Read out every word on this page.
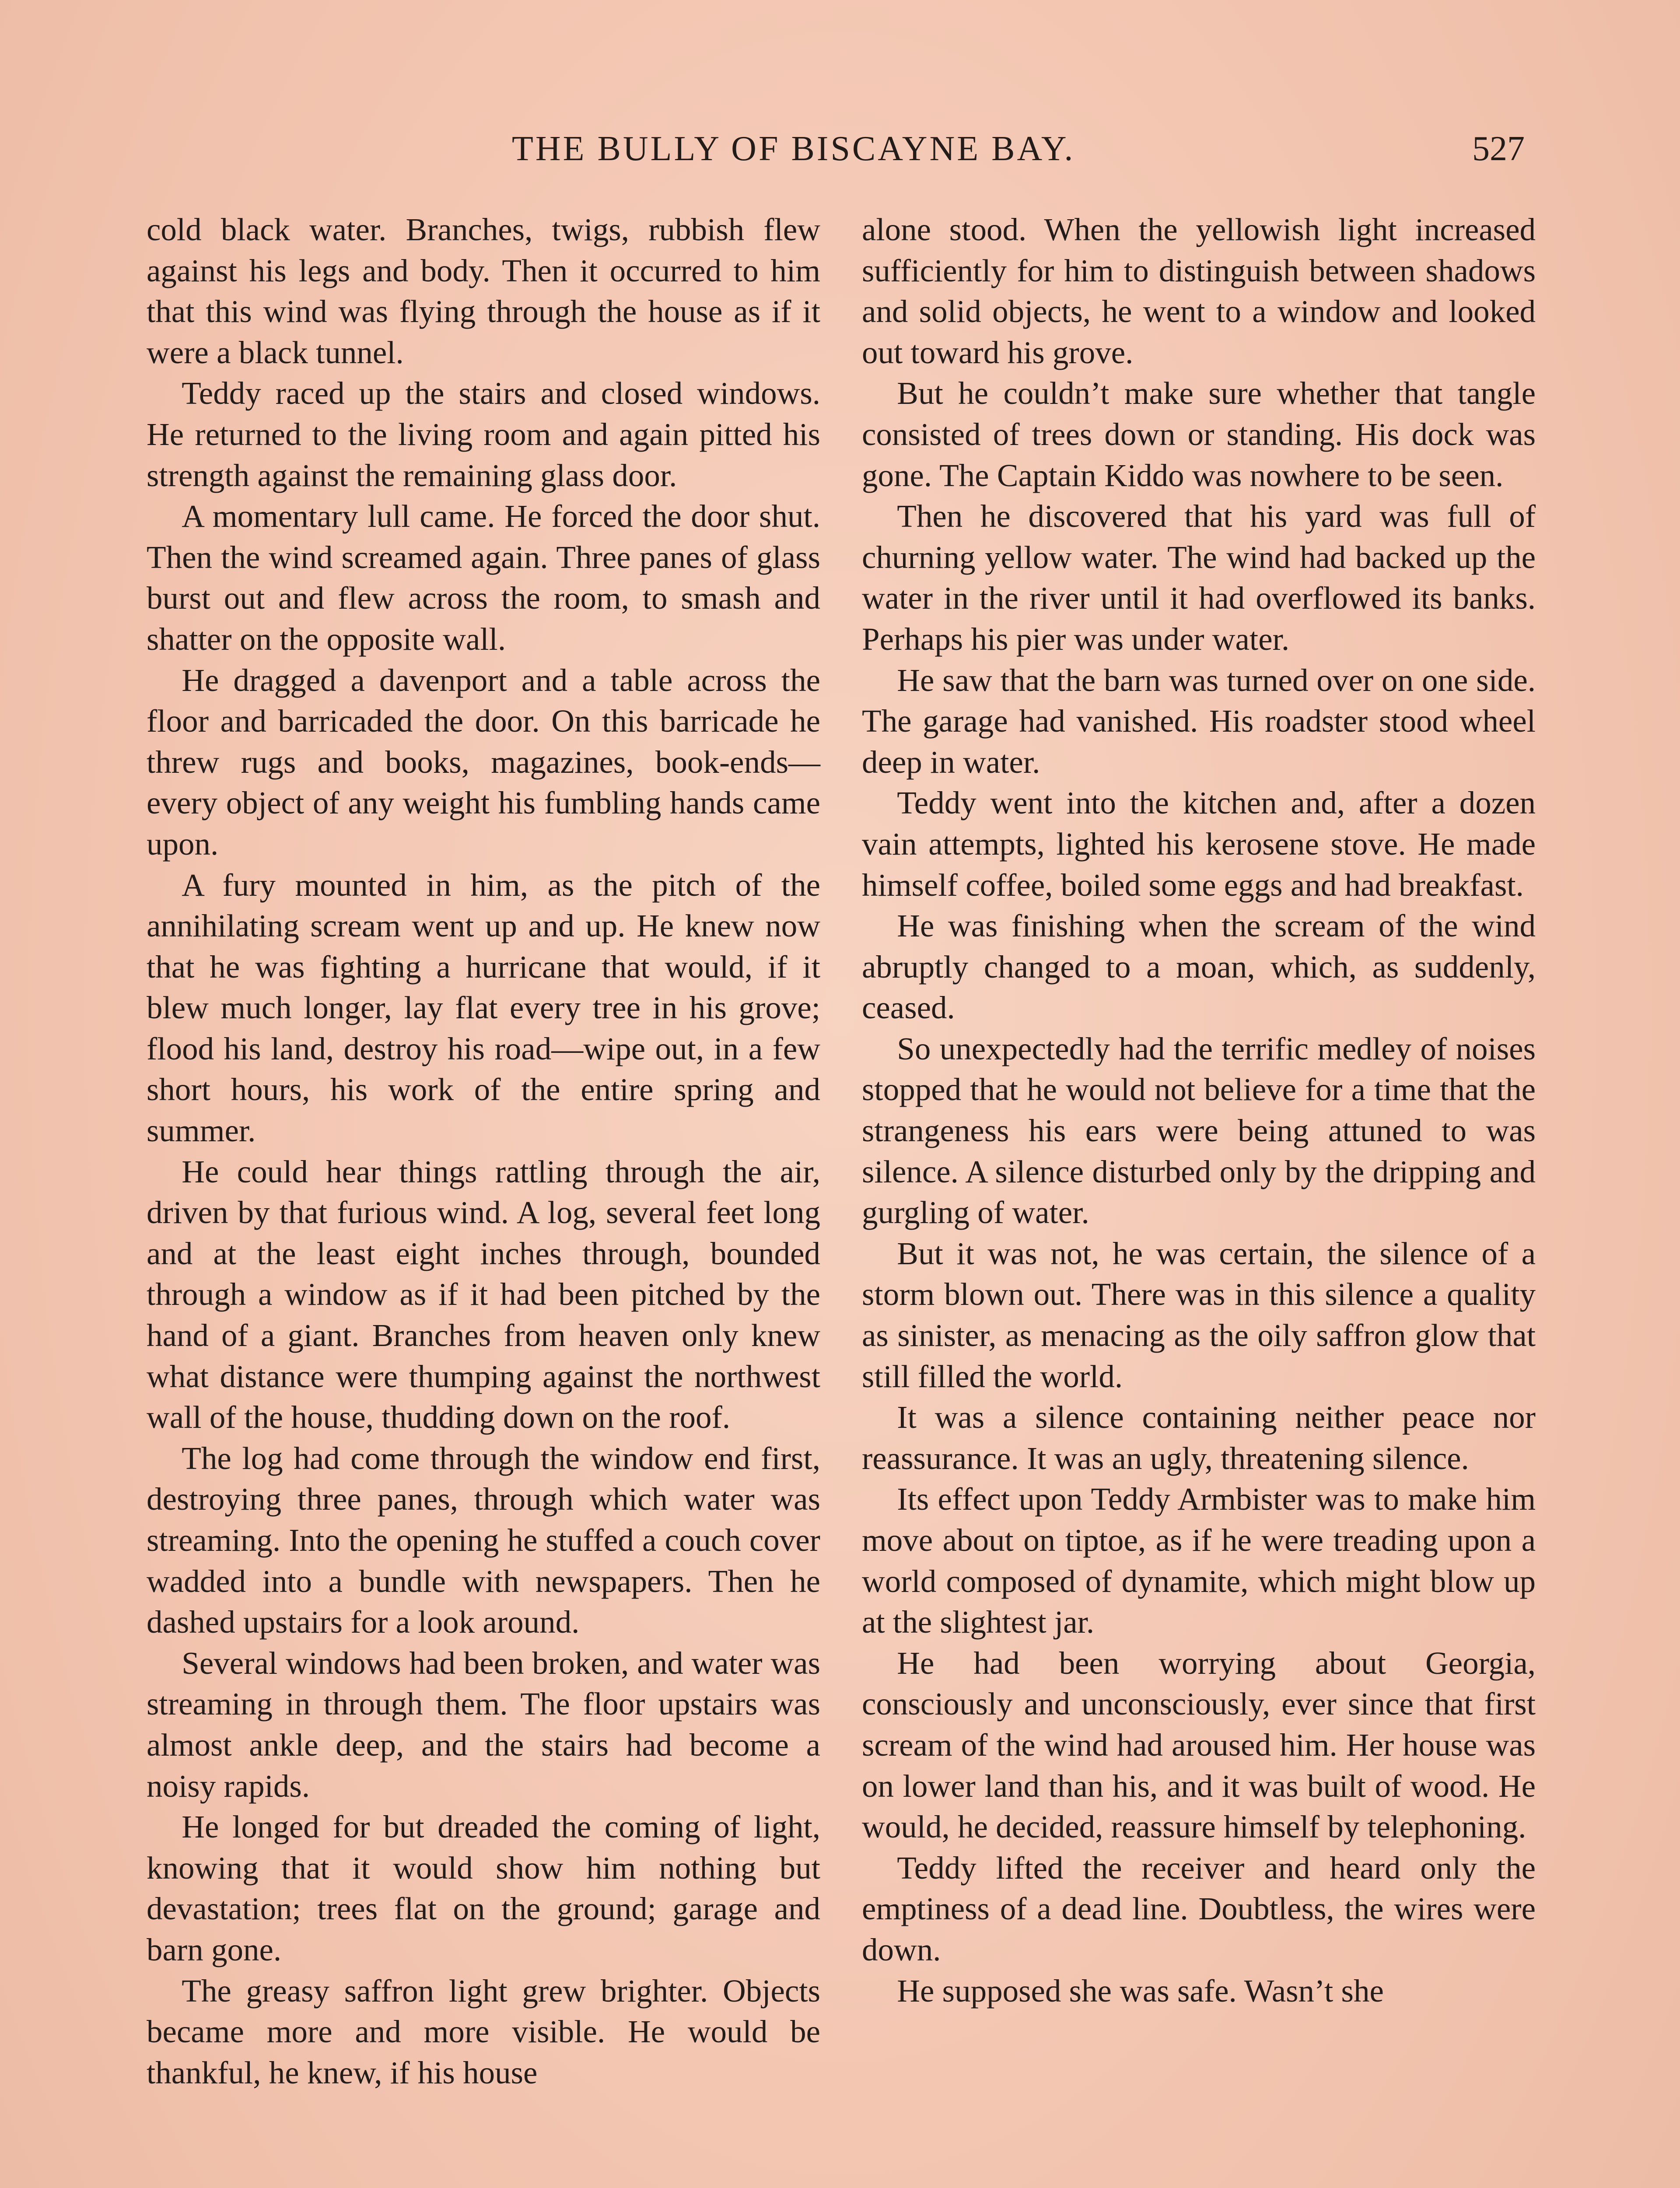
THE BULLY OF BISCAYNE BAY.	527

cold black water. Branches, twigs, rubbish flew against his legs and body. Then it occurred to him that this wind was flying through the house as if it were a black tunnel.

Teddy raced up the stairs and closed windows. He returned to the living room and again pitted his strength against the remaining glass door.

A momentary lull came. He forced the door shut. Then the wind screamed again. Three panes of glass burst out and flew across the room, to smash and shatter on the opposite wall.

He dragged a davenport and a table across the floor and barricaded the door. On this barricade he threw rugs and books, magazines, book-ends—every object of any weight his fumbling hands came upon.

A fury mounted in him, as the pitch of the annihilating scream went up and up. He knew now that he was fighting a hurricane that would, if it blew much longer, lay flat every tree in his grove; flood his land, destroy his road—wipe out, in a few short hours, his work of the entire spring and summer.

He could hear things rattling through the air, driven by that furious wind. A log, several feet long and at the least eight inches through, bounded through a window as if it had been pitched by the hand of a giant. Branches from heaven only knew what distance were thumping against the northwest wall of the house, thudding down on the roof.

The log had come through the window end first, destroying three panes, through which water was streaming. Into the opening he stuffed a couch cover wadded into a bundle with newspapers. Then he dashed upstairs for a look around.

Several windows had been broken, and water was streaming in through them. The floor upstairs was almost ankle deep, and the stairs had become a noisy rapids.

He longed for but dreaded the coming of light, knowing that it would show him nothing but devastation; trees flat on the ground; garage and barn gone.

The greasy saffron light grew brighter. Objects became more and more visible. He would be thankful, he knew, if his house

alone stood. When the yellowish light increased sufficiently for him to distinguish between shadows and solid objects, he went to a window and looked out toward his grove.

But he couldn’t make sure whether that tangle consisted of trees down or standing. His dock was gone. The Captain Kiddo was nowhere to be seen.

Then he discovered that his yard was full of churning yellow water. The wind had backed up the water in the river until it had overflowed its banks. Perhaps his pier was under water.

He saw that the barn was turned over on one side. The garage had vanished. His roadster stood wheel deep in water.

Teddy went into the kitchen and, after a dozen vain attempts, lighted his kerosene stove. He made himself coffee, boiled some eggs and had breakfast.

He was finishing when the scream of the wind abruptly changed to a moan, which, as suddenly, ceased.

So unexpectedly had the terrific medley of noises stopped that he would not believe for a time that the strangeness his ears were being attuned to was silence. A silence disturbed only by the dripping and gurgling of water.

But it was not, he was certain, the silence of a storm blown out. There was in this silence a quality as sinister, as menacing as the oily saffron glow that still filled the world.

It was a silence containing neither peace nor reassurance. It was an ugly, threatening silence.

Its effect upon Teddy Armbister was to make him move about on tiptoe, as if he were treading upon a world composed of dynamite, which might blow up at the slightest jar.

He had been worrying about Georgia, consciously and unconsciously, ever since that first scream of the wind had aroused him. Her house was on lower land than his, and it was built of wood. He would, he decided, reassure himself by telephoning.

Teddy lifted the receiver and heard only the emptiness of a dead line. Doubtless, the wires were down.

He supposed she was safe. Wasn’t she
